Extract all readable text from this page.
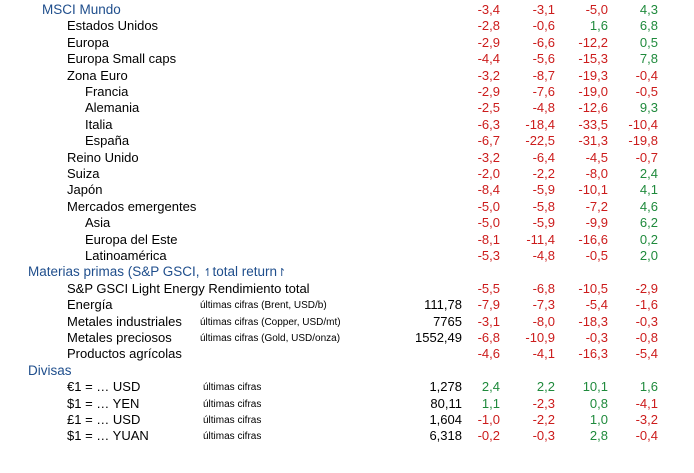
MSCI Mundo	-3,4	-3,1	-5,0	4,3
Estados Unidos	-2,8	-0,6	1,6	6,8
Europa	-2,9	-6,6	-12,2	0,5
Europa Small caps	-4,4	-5,6	-15,3	7,8
Zona Euro	-3,2	-8,7	-19,3	-0,4
Francia	-2,9	-7,6	-19,0	-0,5
Alemania	-2,5	-4,8	-12,6	9,3
Italia	-6,3	-18,4	-33,5	-10,4
España	-6,7	-22,5	-31,3	-19,8
Reino Unido	-3,2	-6,4	-4,5	-0,7
Suiza	-2,0	-2,2	-8,0	2,4
Japón	-8,4	-5,9	-10,1	4,1
Mercados emergentes	-5,0	-5,8	-7,2	4,6
Asia	-5,0	-5,9	-9,9	6,2
Europa del Este	-8,1	-11,4	-16,6	0,2
Latinoamérica	-5,3	-4,8	-0,5	2,0
Materias primas (S&P GSCI, ↿total return↾
S&P GSCI Light Energy Rendimiento total	-5,5	-6,8	-10,5	-2,9
Energía	últimas cifras (Brent, USD/b)	111,78	-7,9	-7,3	-5,4	-1,6
Metales industriales últimas cifras (Copper, USD/mt)	7765	-3,1	-8,0	-18,3	-0,3
Metales preciosos	últimas cifras (Gold, USD/onza)	1552,49	-6,8	-10,9	-0,3	-0,8
Productos agrícolas	-4,6	-4,1	-16,3	-5,4
Divisas
€1 = … USD	últimas cifras	1,278	2,4	2,2	10,1	1,6
$1 = … YEN	últimas cifras	80,11	1,1	-2,3	0,8	-4,1
£1 = … USD	últimas cifras	1,604	-1,0	-2,2	1,0	-3,2
$1 = … YUAN	últimas cifras	6,318	-0,2	-0,3	2,8	-0,4
